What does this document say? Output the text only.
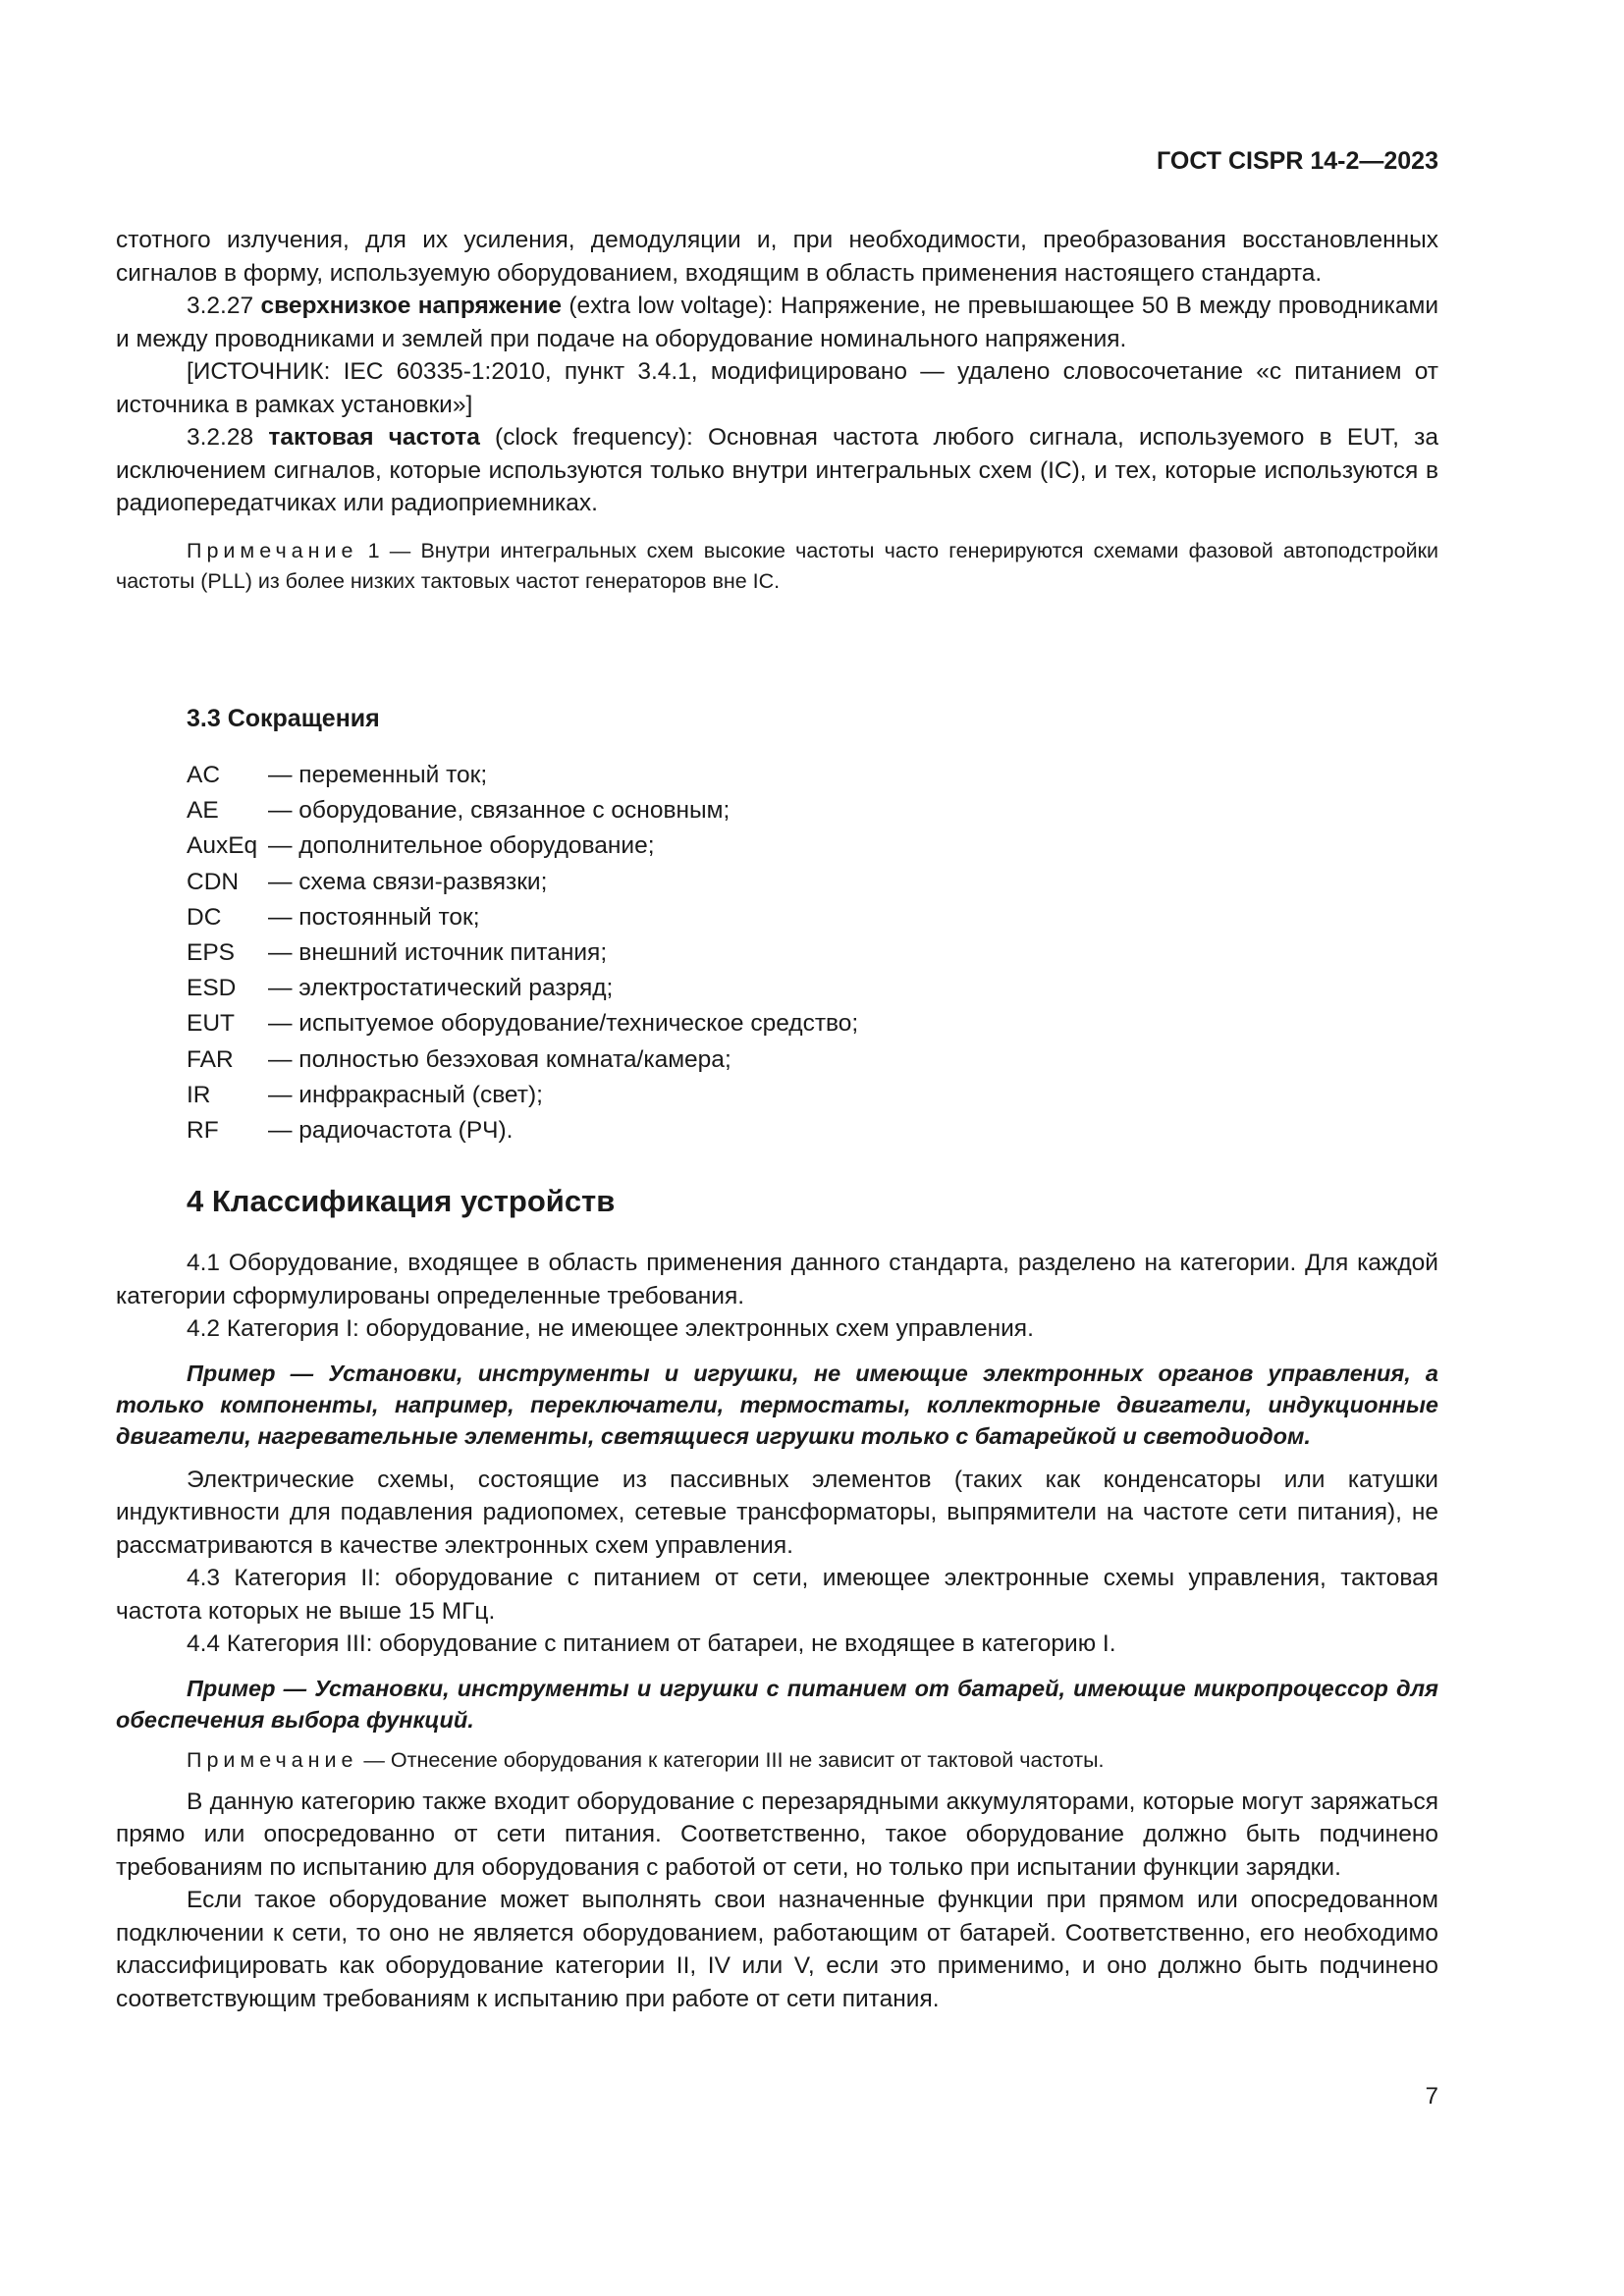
ГОСТ CISPR 14-2—2023

стотного излучения, для их усиления, демодуляции и, при необходимости, преобразования восстановленных сигналов в форму, используемую оборудованием, входящим в область применения настоящего стандарта.

3.2.27 сверхнизкое напряжение (extra low voltage): Напряжение, не превышающее 50 В между проводниками и между проводниками и землей при подаче на оборудование номинального напряжения.

[ИСТОЧНИК: IEC 60335-1:2010, пункт 3.4.1, модифицировано — удалено словосочетание «с питанием от источника в рамках установки»]

3.2.28 тактовая частота (clock frequency): Основная частота любого сигнала, используемого в EUT, за исключением сигналов, которые используются только внутри интегральных схем (IC), и тех, которые используются в радиопередатчиках или радиоприемниках.

Примечание 1 — Внутри интегральных схем высокие частоты часто генерируются схемами фазовой автоподстройки частоты (PLL) из более низких тактовых частот генераторов вне IC.

3.3 Сокращения
AC	— переменный ток;
AE	— оборудование, связанное с основным;
AuxEq — дополнительное оборудование;
CDN	— схема связи-развязки;
DC	— постоянный ток;
EPS	— внешний источник питания;
ESD	— электростатический разряд;
EUT	— испытуемое оборудование/техническое средство;
FAR	— полностью безэховая комната/камера;
IR	— инфракрасный (свет);
RF	— радиочастота (РЧ).
4 Классификация устройств

4.1 Оборудование, входящее в область применения данного стандарта, разделено на категории. Для каждой категории сформулированы определенные требования.

4.2 Категория I: оборудование, не имеющее электронных схем управления.

Пример — Установки, инструменты и игрушки, не имеющие электронных органов управления, а только компоненты, например, переключатели, термостаты, коллекторные двигатели, индукционные двигатели, нагревательные элементы, светящиеся игрушки только с батарейкой и светодиодом.

Электрические схемы, состоящие из пассивных элементов (таких как конденсаторы или катушки индуктивности для подавления радиопомех, сетевые трансформаторы, выпрямители на частоте сети питания), не рассматриваются в качестве электронных схем управления.

4.3 Категория II: оборудование с питанием от сети, имеющее электронные схемы управления, тактовая частота которых не выше 15 МГц.

4.4 Категория III: оборудование с питанием от батареи, не входящее в категорию I.

Пример — Установки, инструменты и игрушки с питанием от батарей, имеющие микропроцессор для обеспечения выбора функций.

Примечание — Отнесение оборудования к категории III не зависит от тактовой частоты.

В данную категорию также входит оборудование с перезарядными аккумуляторами, которые могут заряжаться прямо или опосредованно от сети питания. Соответственно, такое оборудование должно быть подчинено требованиям по испытанию для оборудования с работой от сети, но только при испытании функции зарядки.

Если такое оборудование может выполнять свои назначенные функции при прямом или опосредованном подключении к сети, то оно не является оборудованием, работающим от батарей. Соответственно, его необходимо классифицировать как оборудование категории II, IV или V, если это применимо, и оно должно быть подчинено соответствующим требованиям к испытанию при работе от сети питания.

7
